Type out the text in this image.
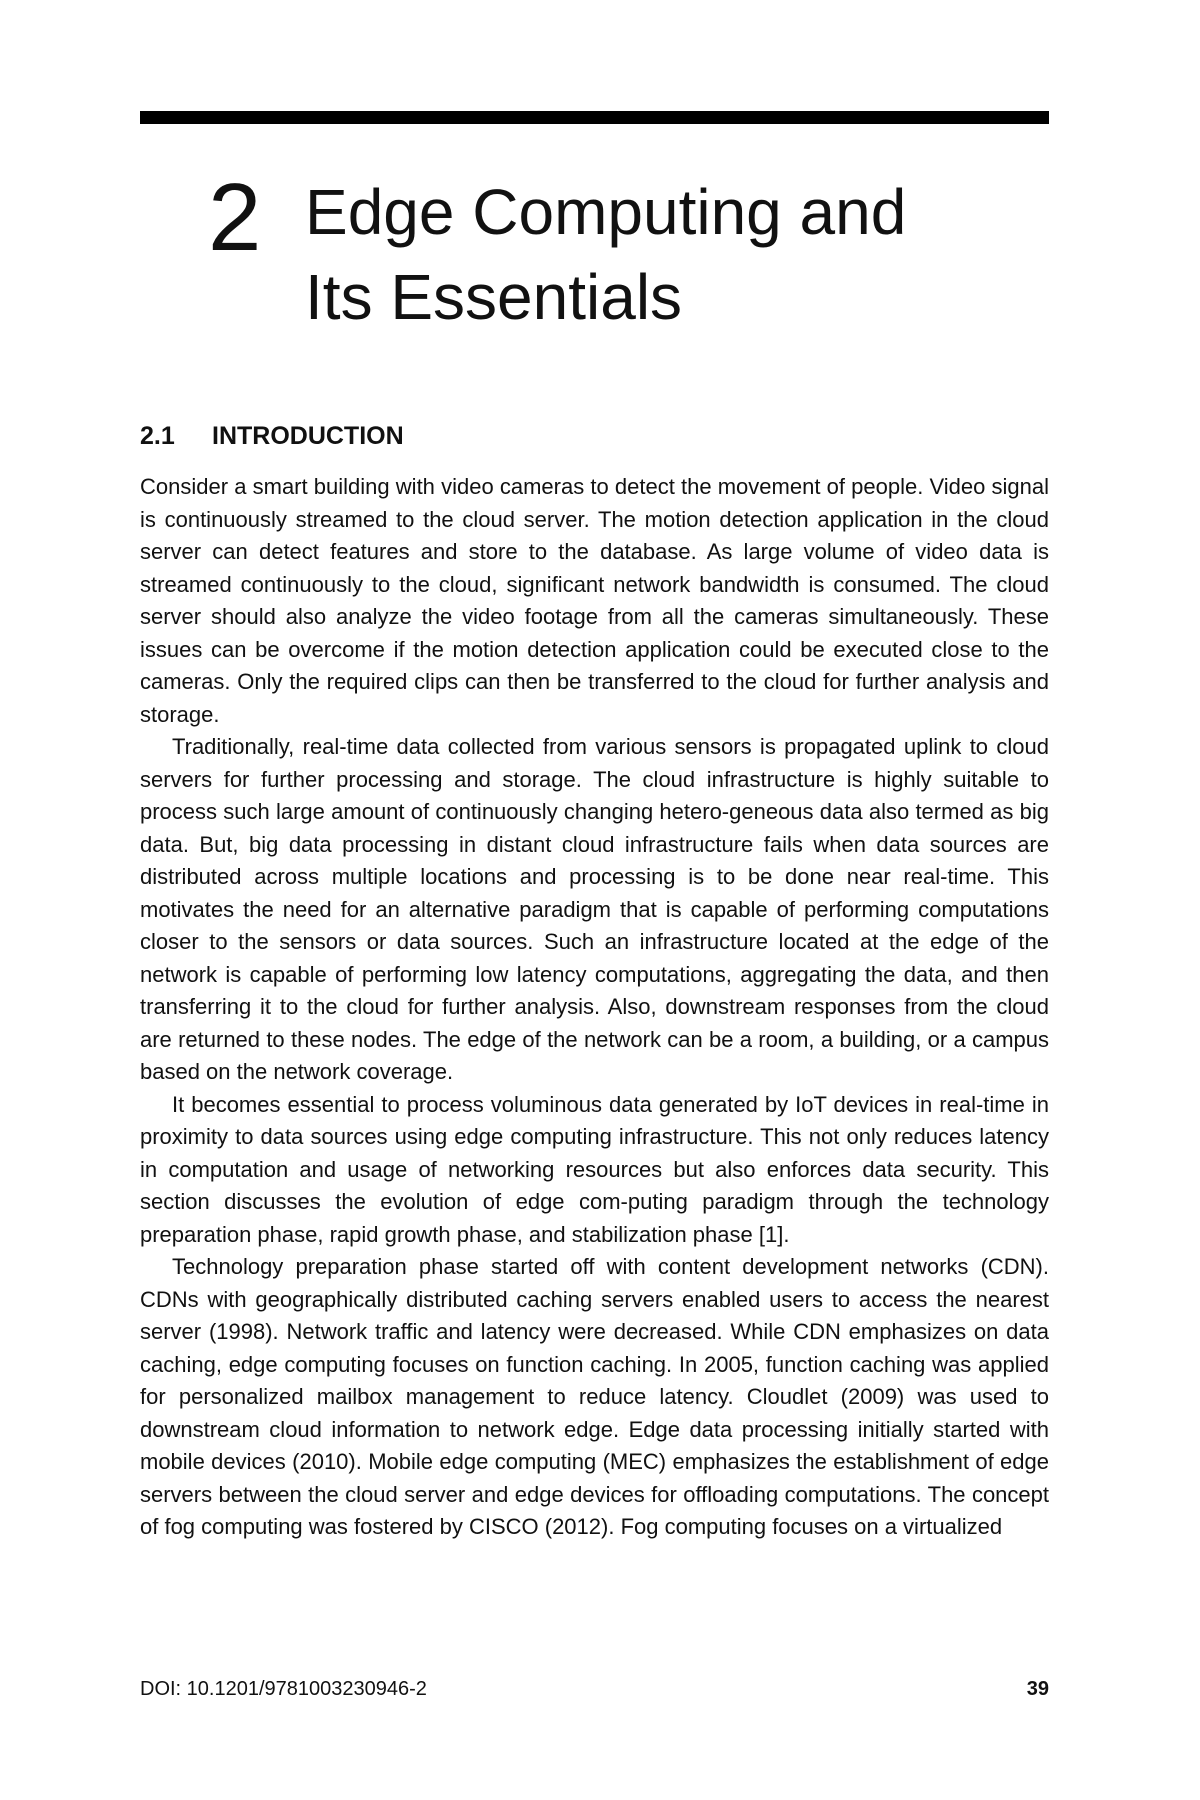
2 Edge Computing and
Its Essentials
2.1 INTRODUCTION

Consider a smart building with video cameras to detect the movement of people. Video signal is continuously streamed to the cloud server. The motion detection application in the cloud server can detect features and store to the database. As large volume of video data is streamed continuously to the cloud, significant network bandwidth is consumed. The cloud server should also analyze the video footage from all the cameras simultaneously. These issues can be overcome if the motion detection application could be executed close to the cameras. Only the required clips can then be transferred to the cloud for further analysis and storage.

Traditionally, real-time data collected from various sensors is propagated uplink to cloud servers for further processing and storage. The cloud infrastructure is highly suitable to process such large amount of continuously changing hetero-geneous data also termed as big data. But, big data processing in distant cloud infrastructure fails when data sources are distributed across multiple locations and processing is to be done near real-time. This motivates the need for an alternative paradigm that is capable of performing computations closer to the sensors or data sources. Such an infrastructure located at the edge of the network is capable of performing low latency computations, aggregating the data, and then transferring it to the cloud for further analysis. Also, downstream responses from the cloud are returned to these nodes. The edge of the network can be a room, a building, or a campus based on the network coverage.

It becomes essential to process voluminous data generated by IoT devices in real-time in proximity to data sources using edge computing infrastructure. This not only reduces latency in computation and usage of networking resources but also enforces data security. This section discusses the evolution of edge com-puting paradigm through the technology preparation phase, rapid growth phase, and stabilization phase [1].

Technology preparation phase started off with content development networks (CDN). CDNs with geographically distributed caching servers enabled users to access the nearest server (1998). Network traffic and latency were decreased. While CDN emphasizes on data caching, edge computing focuses on function caching. In 2005, function caching was applied for personalized mailbox management to reduce latency. Cloudlet (2009) was used to downstream cloud information to network edge. Edge data processing initially started with mobile devices (2010). Mobile edge computing (MEC) emphasizes the establishment of edge servers between the cloud server and edge devices for offloading computations. The concept of fog computing was fostered by CISCO (2012). Fog computing focuses on a virtualized

DOI: 10.1201/9781003230946-2	39
